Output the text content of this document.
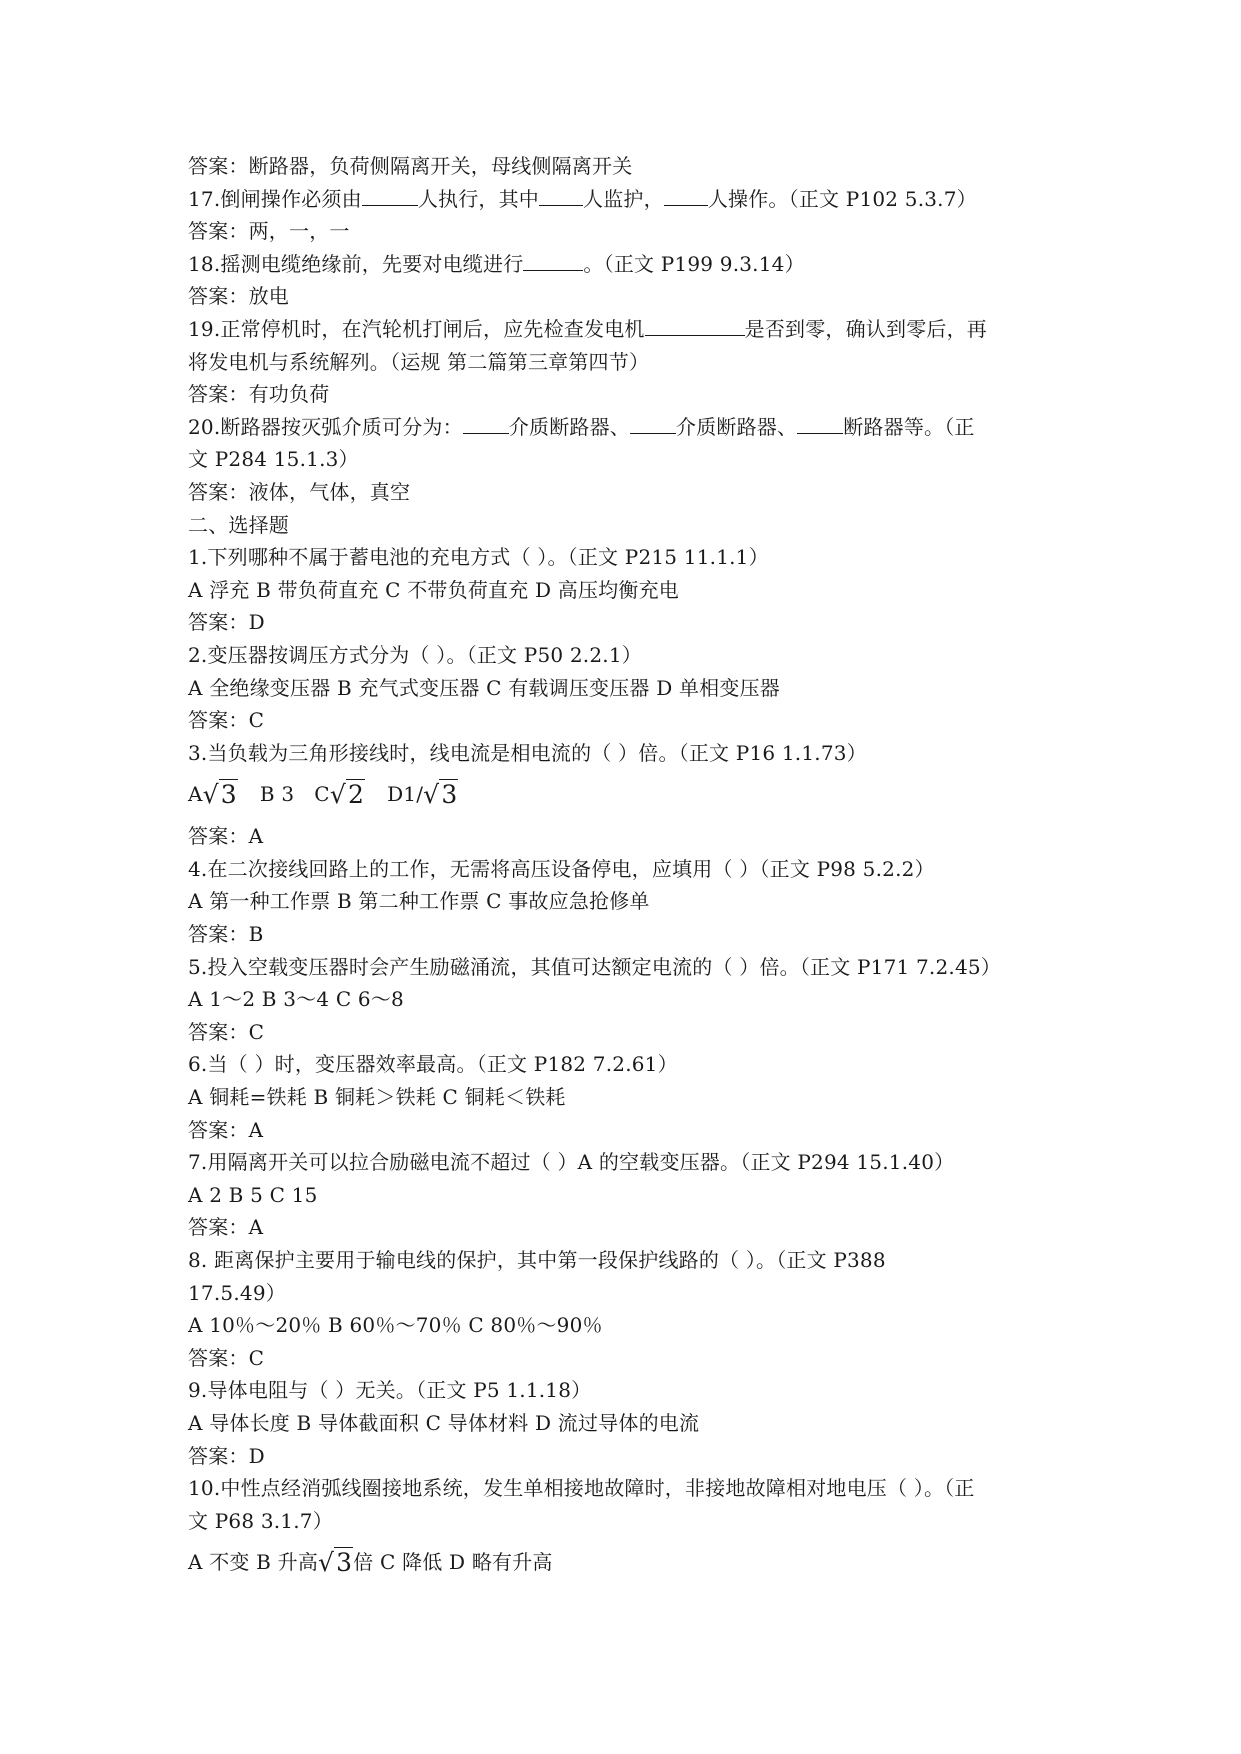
答案：断路器，负荷侧隔离开关，母线侧隔离开关
17.倒闸操作必须由	人执行，其中 人监护， 人操作。（正文 P102 5.3.7）
答案：两，一，一
18.摇测电缆绝缘前，先要对电缆进行	。（正文 P199 9.3.14）
答案：放电
19.正常停机时，在汽轮机打闸后，应先检查发电机	是否到零，确认到零后，再
将发电机与系统解列。（运规 第二篇第三章第四节）
答案：有功负荷
20.断路器按灭弧介质可分为： 介质断路器、 介质断路器、 断路器等。（正
文 P284 15.1.3）
答案：液体，气体，真空
二、选择题
1.下列哪种不属于蓄电池的充电方式（ ）。（正文 P215 11.1.1）
A 浮充 B 带负荷直充 C 不带负荷直充 D 高压均衡充电
答案：D
2.变压器按调压方式分为（ ）。（正文 P50 2.2.1）
A 全绝缘变压器 B 充气式变压器 C 有载调压变压器 D 单相变压器
答案：C
3.当负载为三角形接线时，线电流是相电流的（ ）倍。（正文 P16 1.1.73）
A√3 B 3 C√2 D1/√3
答案：A
4.在二次接线回路上的工作，无需将高压设备停电，应填用（ ）（正文 P98 5.2.2）
A 第一种工作票 B 第二种工作票 C 事故应急抢修单
答案：B
5.投入空载变压器时会产生励磁涌流，其值可达额定电流的（ ）倍。（正文 P171 7.2.45）
A 1～2 B 3～4 C 6～8
答案：C
6.当（ ）时，变压器效率最高。（正文 P182 7.2.61）
A 铜耗=铁耗 B 铜耗＞铁耗 C 铜耗＜铁耗
答案：A
7.用隔离开关可以拉合励磁电流不超过（ ）A 的空载变压器。（正文 P294 15.1.40）
A 2 B 5 C 15
答案：A
8. 距离保护主要用于输电线的保护，其中第一段保护线路的（ ）。（正文 P388
17.5.49）
A 10％～20％ B 60％～70％ C 80％～90％
答案：C
9.导体电阻与（ ）无关。（正文 P5 1.1.18）
A 导体长度 B 导体截面积 C 导体材料 D 流过导体的电流
答案：D
10.中性点经消弧线圈接地系统，发生单相接地故障时，非接地故障相对地电压（ ）。（正
文 P68 3.1.7）
A 不变 B 升高√3倍 C 降低 D 略有升高
